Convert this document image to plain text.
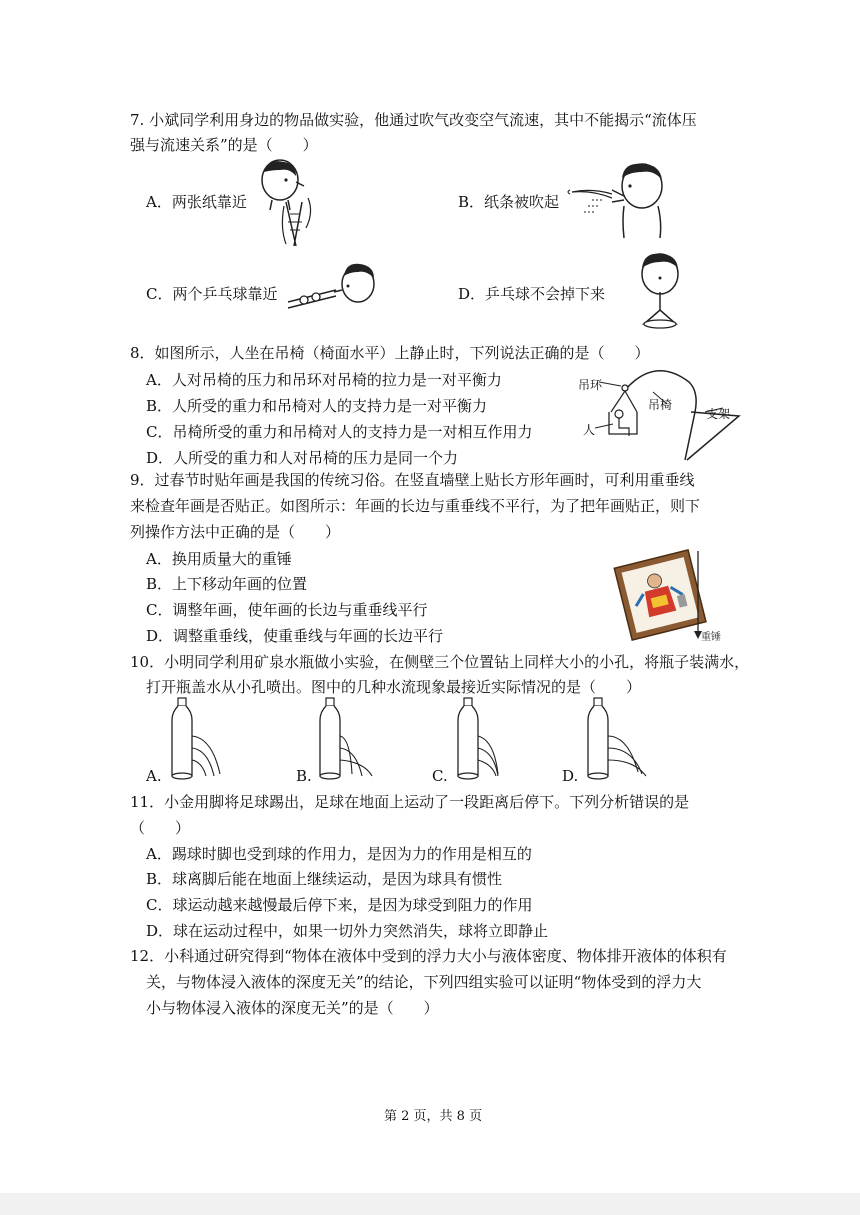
7. 小斌同学利用身边的物品做实验，他通过吹气改变空气流速，其中不能揭示“流体压
强与流速关系”的是（　　）
A．两张纸靠近	B．纸条被吹起
C．两个乒乓球靠近	D．乒乓球不会掉下来
8．如图所示，人坐在吊椅（椅面水平）上静止时，下列说法正确的是（　　）
A．人对吊椅的压力和吊环对吊椅的拉力是一对平衡力
B．人所受的重力和吊椅对人的支持力是一对平衡力
C．吊椅所受的重力和吊椅对人的支持力是一对相互作用力
D．人所受的重力和人对吊椅的压力是同一个力
吊环
吊椅
支架
人
9．过春节时贴年画是我国的传统习俗。在竖直墙壁上贴长方形年画时，可利用重垂线
来检查年画是否贴正。如图所示：年画的长边与重垂线不平行，为了把年画贴正，则下
列操作方法中正确的是（　　）
A．换用质量大的重锤
B．上下移动年画的位置
C．调整年画，使年画的长边与重垂线平行
D．调整重垂线，使重垂线与年画的长边平行	重锤
10．小明同学利用矿泉水瓶做小实验，在侧壁三个位置钻上同样大小的小孔，将瓶子装满水，
打开瓶盖水从小孔喷出。图中的几种水流现象最接近实际情况的是（　　）
A.	B.	C.	D.
11．小金用脚将足球踢出，足球在地面上运动了一段距离后停下。下列分析错误的是
（　　）
A．踢球时脚也受到球的作用力，是因为力的作用是相互的
B．球离脚后能在地面上继续运动，是因为球具有惯性
C．球运动越来越慢最后停下来，是因为球受到阻力的作用
D．球在运动过程中，如果一切外力突然消失，球将立即静止
12．小科通过研究得到“物体在液体中受到的浮力大小与液体密度、物体排开液体的体积有
关，与物体浸入液体的深度无关”的结论，下列四组实验可以证明“物体受到的浮力大
小与物体浸入液体的深度无关”的是（　　）
第 2 页，共 8 页
